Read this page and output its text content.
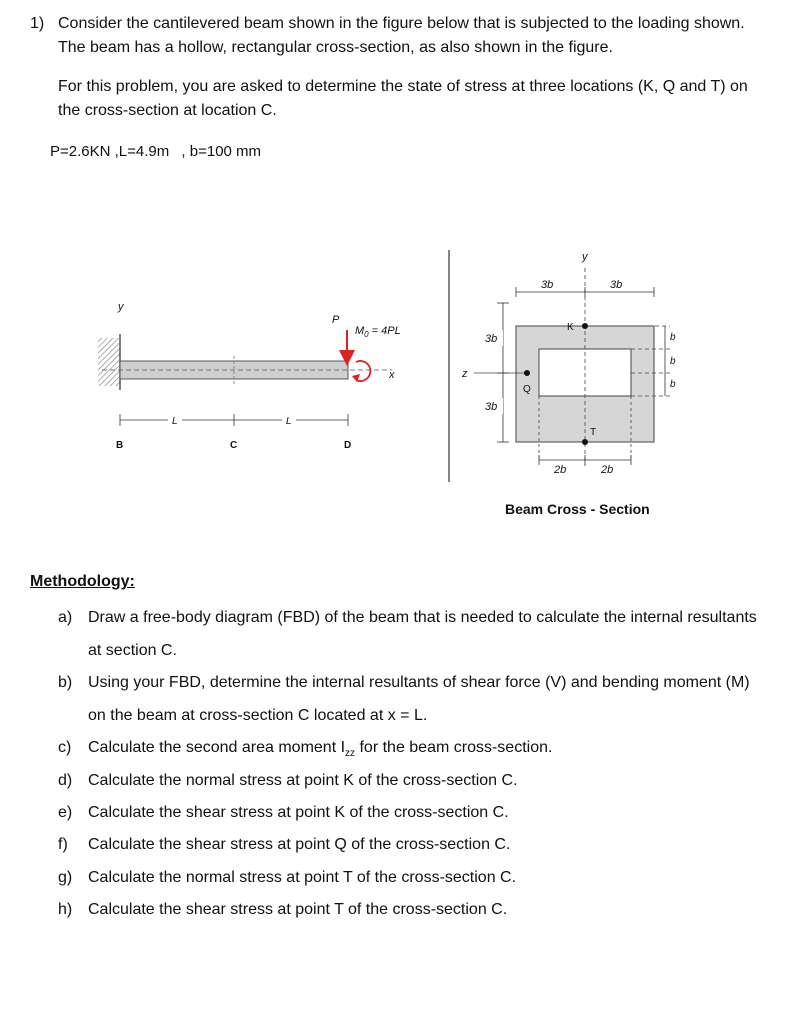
1) Consider the cantilevered beam shown in the figure below that is subjected to the loading shown.
The beam has a hollow, rectangular cross-section, as also shown in the figure.
For this problem, you are asked to determine the state of stress at three locations (K, Q and T) on
the cross-section at location C.
P=2.6KN ,L=4.9m , b=100 mm
y
x
P
$M_0 = 4PL$
L	L
B	C	D
y
z
3b	3b
3b
3b
2b	2b
b
b
b
K
Q
T
Beam Cross - Section
Methodology:
a) Draw a free-body diagram (FBD) of the beam that is needed to calculate the internal resultants
at section C.
b) Using your FBD, determine the internal resultants of shear force (V) and bending moment (M)
on the beam at cross-section C located at x = L.
c) Calculate the second area moment $I_{zz}$ for the beam cross-section.
d) Calculate the normal stress at point K of the cross-section C.
e) Calculate the shear stress at point K of the cross-section C.
f) Calculate the shear stress at point Q of the cross-section C.
g) Calculate the normal stress at point T of the cross-section C.
h) Calculate the shear stress at point T of the cross-section C.
